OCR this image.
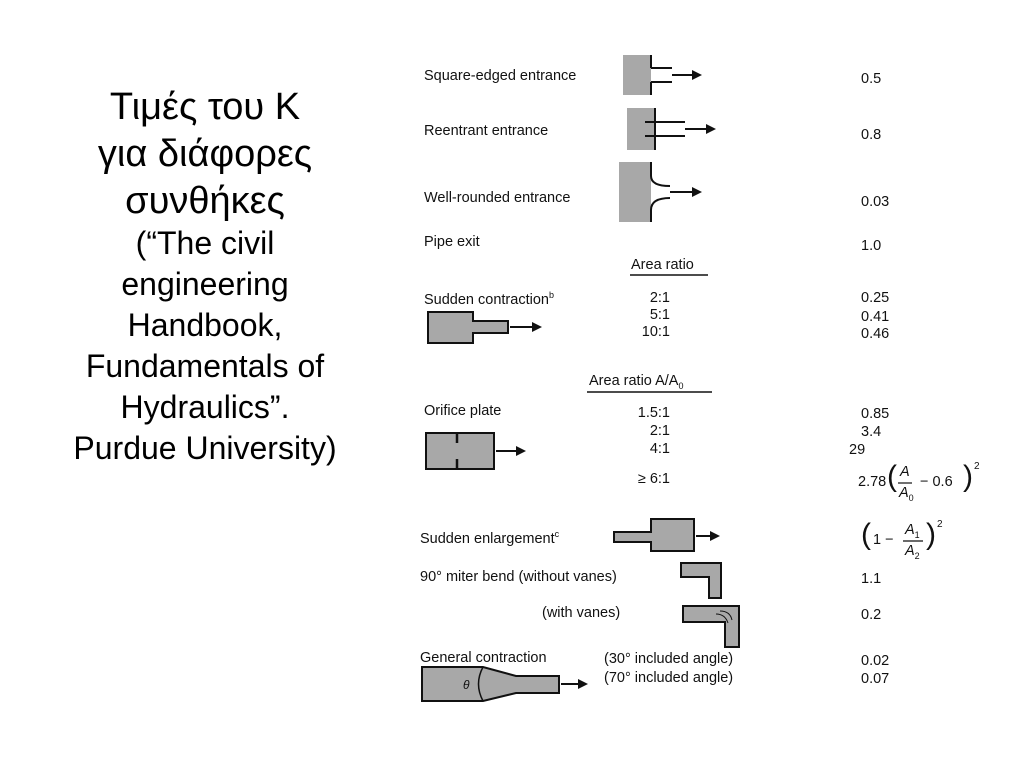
Τιμές του K
για διάφορες
συνθήκες
(“The civil
engineering
Handbook,
Fundamentals of
Hydraulics”.
Purdue University)
Square-edged entrance
Reentrant entrance
Well-rounded entrance
Pipe exit
Sudden contraction$^b$
Orifice plate
Sudden enlargement$^c$
90° miter bend (without vanes)
(with vanes)
General contraction
θ
Area ratio
Area ratio $A/A_0$
2:1
5:1
10:1
1.5:1
2:1
4:1
≥ 6:1
(30° included angle)
(70° included angle)
0.5
0.8
0.03
1.0
0.25
0.41
0.46
0.85
3.4
29
2.78 ( A
$A_0$
− 0.6 ) 2
( 1 −
$A_1$
$A_2$
) 2
1.1
0.2
0.02
0.07
